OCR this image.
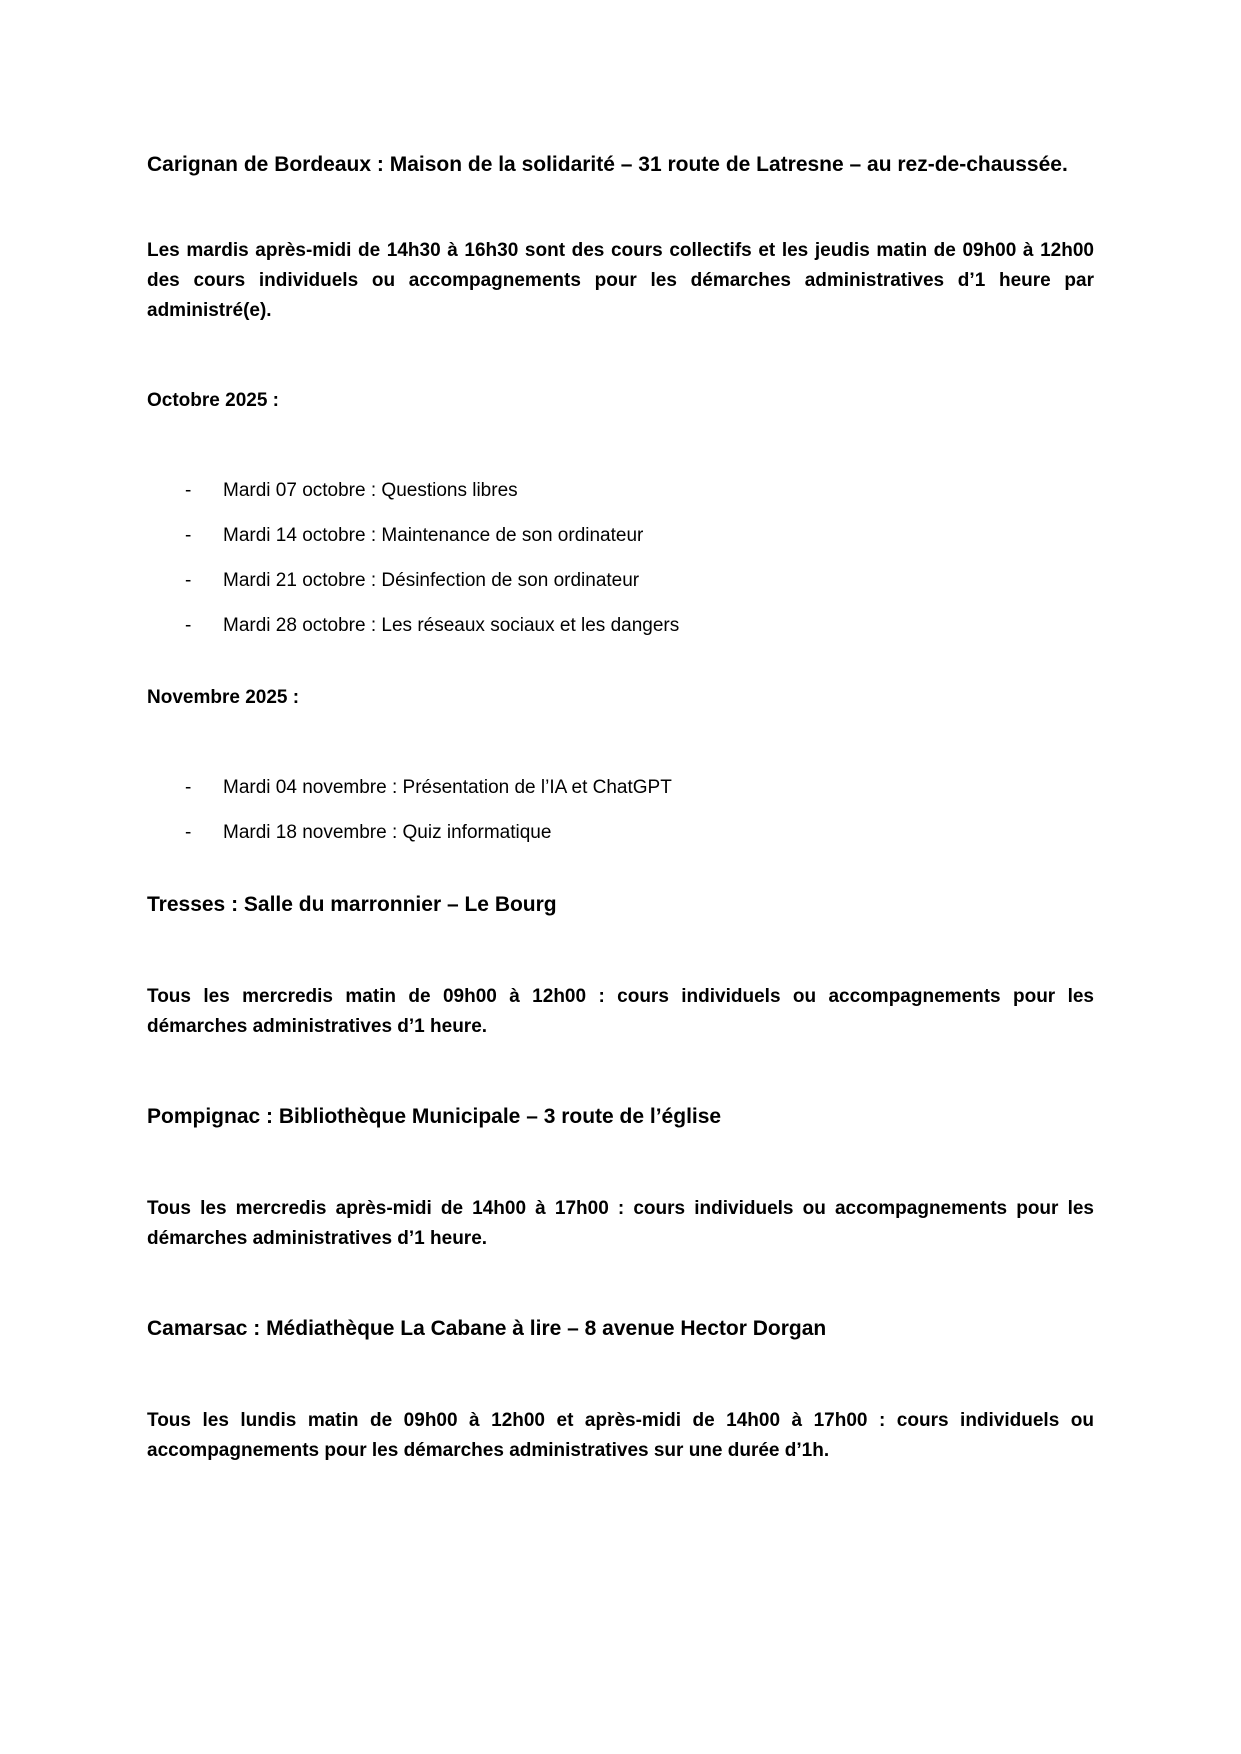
Carignan de Bordeaux : Maison de la solidarité – 31 route de Latresne – au rez-de-chaussée.

Les mardis après-midi de 14h30 à 16h30 sont des cours collectifs et les jeudis matin de 09h00 à 12h00 des cours individuels ou accompagnements pour les démarches administratives d’1 heure par administré(e).

Octobre 2025 :

- Mardi 07 octobre : Questions libres
- Mardi 14 octobre : Maintenance de son ordinateur
- Mardi 21 octobre : Désinfection de son ordinateur
- Mardi 28 octobre : Les réseaux sociaux et les dangers

Novembre 2025 :

- Mardi 04 novembre : Présentation de l’IA et ChatGPT
- Mardi 18 novembre : Quiz informatique
Tresses : Salle du marronnier – Le Bourg

Tous les mercredis matin de 09h00 à 12h00 : cours individuels ou accompagnements pour les démarches administratives d’1 heure.

Pompignac : Bibliothèque Municipale – 3 route de l’église

Tous les mercredis après-midi de 14h00 à 17h00 : cours individuels ou accompagnements pour les démarches administratives d’1 heure.

Camarsac : Médiathèque La Cabane à lire – 8 avenue Hector Dorgan

Tous les lundis matin de 09h00 à 12h00 et après-midi de 14h00 à 17h00 : cours individuels ou accompagnements pour les démarches administratives sur une durée d’1h.
